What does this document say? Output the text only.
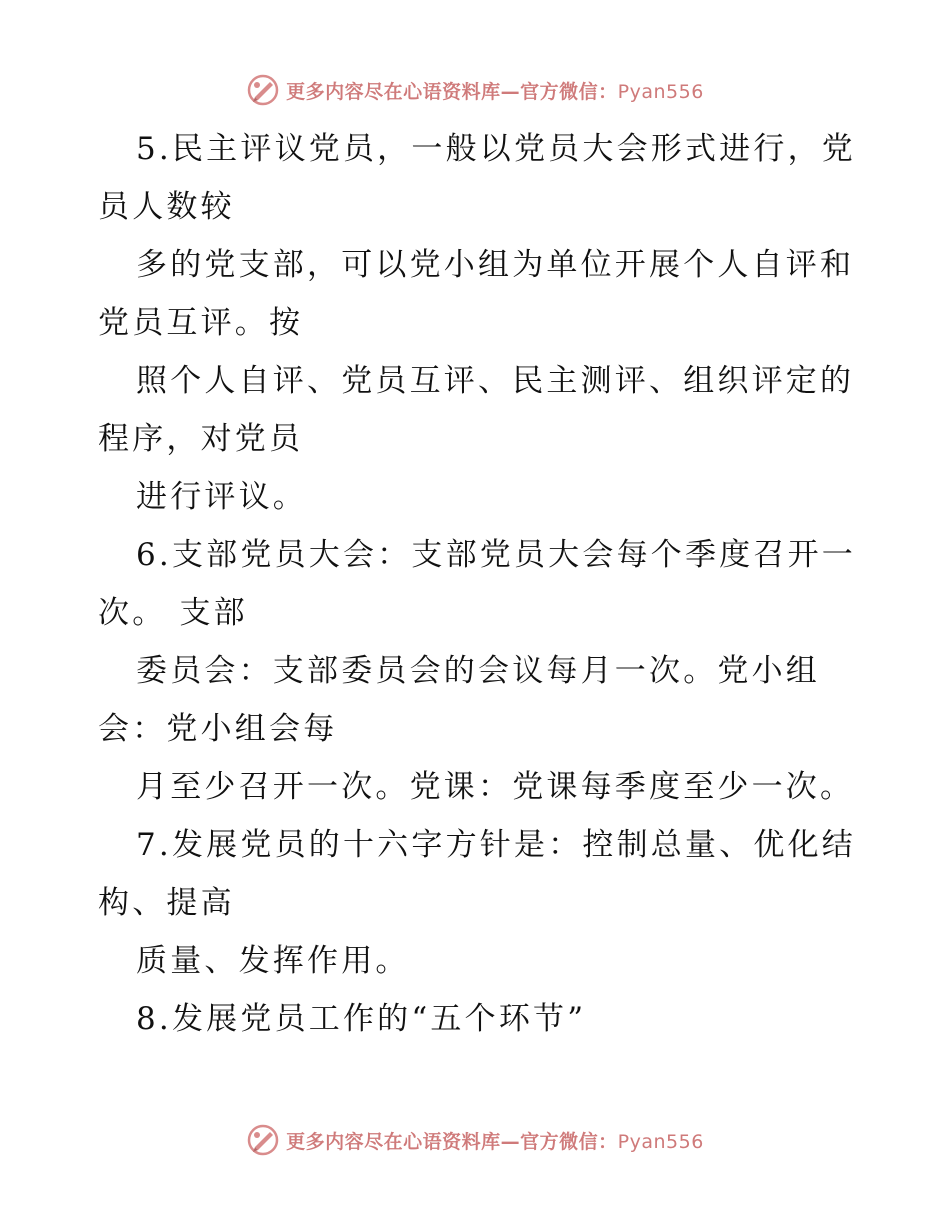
更多内容尽在心语资料库—官方微信：Pyan556
5.民主评议党员，一般以党员大会形式进行，党
员人数较
多的党支部，可以党小组为单位开展个人自评和
党员互评。按
照个人自评、党员互评、民主测评、组织评定的
程序，对党员
进行评议。
6.支部党员大会：支部党员大会每个季度召开一
次。 支部
委员会：支部委员会的会议每月一次。党小组
会：党小组会每
月至少召开一次。党课：党课每季度至少一次。
7.发展党员的十六字方针是：控制总量、优化结
构、提高
质量、发挥作用。
8.发展党员工作的“五个环节”
更多内容尽在心语资料库—官方微信：Pyan556
